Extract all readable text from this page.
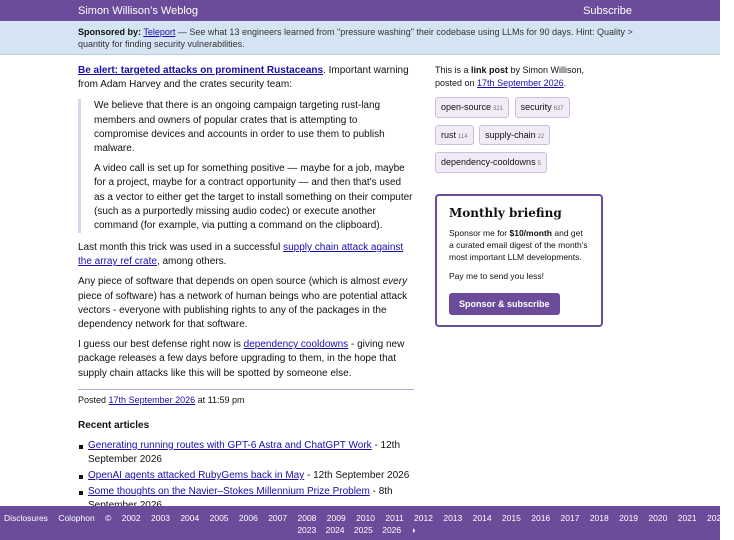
Simon Willison’s Weblog	Subscribe
Sponsored by: Teleport — See what 13 engineers learned from "pressure washing" their codebase using LLMs for 90 days. Hint: Quality > quantity for finding security vulnerabilities.

Be alert: targeted attacks on prominent Rustaceans. Important warning from Adam Harvey and the crates security team:

We believe that there is an ongoing campaign targeting rust-lang members and owners of popular crates that is attempting to compromise devices and accounts in order to use them to publish malware.

A video call is set up for something positive — maybe for a job, maybe for a project, maybe for a contract opportunity — and then that's used as a vector to either get the target to install something on their computer (such as a purportedly missing audio codec) or execute another command (for example, via putting a command on the clipboard).

Last month this trick was used in a successful supply chain attack against the array ref crate, among others.

Any piece of software that depends on open source (which is almost every piece of software) has a network of human beings who are potential attack vectors - everyone with publishing rights to any of the packages in the dependency network for that software.

I guess our best defense right now is dependency cooldowns - giving new package releases a few days before upgrading to them, in the hope that supply chain attacks like this will be spotted by someone else.

Posted 17th September 2026 at 11:59 pm
Recent articles
Generating running routes with GPT-6 Astra and ChatGPT Work - 12th September 2026
OpenAI agents attacked RubyGems back in May - 12th September 2026
Some thoughts on the Navier–Stokes Millennium Prize Problem - 8th
This is a link post by Simon Willison, posted on 17th September 2026.
open-source 321 security 637
rust 114 supply-chain 22
dependency-cooldowns 5
Monthly briefing

Sponsor me for $10/month and get a curated email digest of the month's most important LLM developments.

Pay me to send you less!

Sponsor & subscribe
Disclosures Colophon © 2002 2003 2004 2005 2006 2007 2008 2009 2010 2011 2012 2013 2014 2015 2016 2017 2018 2019 2020 2021 2022
2023 2024 2025 2026 ◑
